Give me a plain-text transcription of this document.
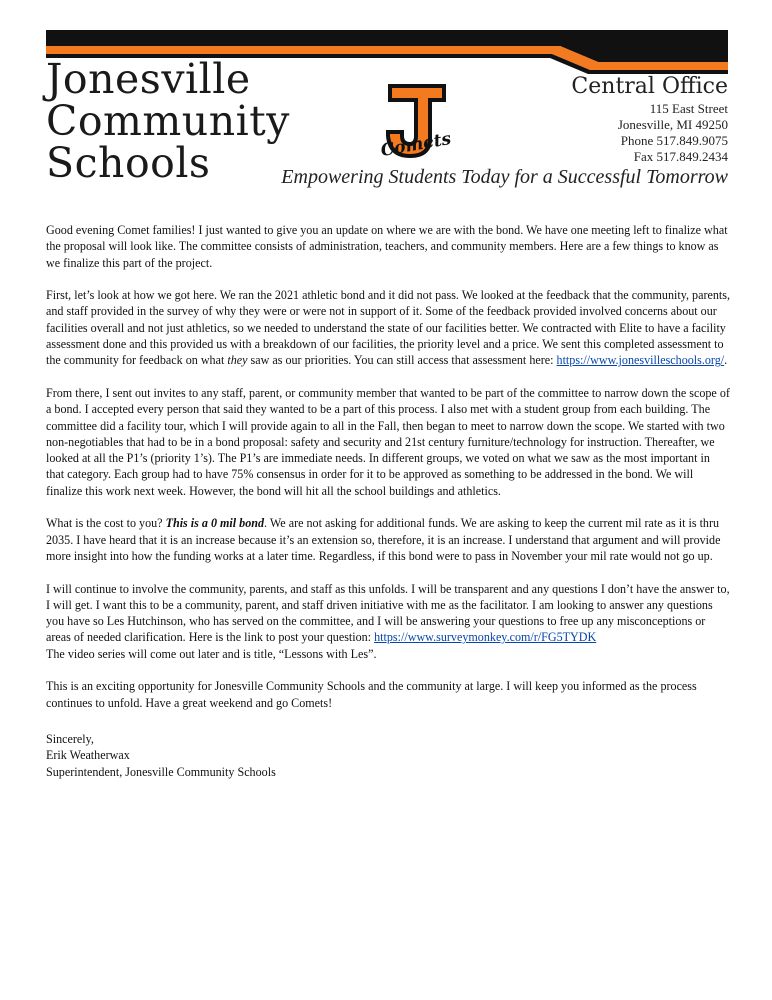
Jonesville
Community
Schools	Comets
Central Office
115 East Street
Jonesville, MI 49250
Phone 517.849.9075
Fax 517.849.2434
Empowering Students Today for a Successful Tomorrow

Good evening Comet families! I just wanted to give you an update on where we are with the bond. We have one meeting left to finalize what the proposal will look like. The committee consists of administration, teachers, and community members. Here are a few things to know as we finalize this part of the project.

First, let’s look at how we got here. We ran the 2021 athletic bond and it did not pass. We looked at the feedback that the community, parents, and staff provided in the survey of why they were or were not in support of it. Some of the feedback provided involved concerns about our facilities overall and not just athletics, so we needed to understand the state of our facilities better. We contracted with Elite to have a facility assessment done and this provided us with a breakdown of our facilities, the priority level and a price. We sent this completed assessment to the community for feedback on what they saw as our priorities. You can still access that assessment here: https://www.jonesvilleschools.org/.

From there, I sent out invites to any staff, parent, or community member that wanted to be part of the committee to narrow down the scope of a bond. I accepted every person that said they wanted to be a part of this process. I also met with a student group from each building. The committee did a facility tour, which I will provide again to all in the Fall, then began to meet to narrow down the scope. We started with two non-negotiables that had to be in a bond proposal: safety and security and 21st century furniture/technology for instruction. Thereafter, we looked at all the P1’s (priority 1’s). The P1’s are immediate needs. In different groups, we voted on what we saw as the most important in that category. Each group had to have 75% consensus in order for it to be approved as something to be addressed in the bond. We will finalize this work next week. However, the bond will hit all the school buildings and athletics.

What is the cost to you? This is a 0 mil bond. We are not asking for additional funds. We are asking to keep the current mil rate as it is thru 2035. I have heard that it is an increase because it’s an extension so, therefore, it is an increase. I understand that argument and will provide more insight into how the funding works at a later time. Regardless, if this bond were to pass in November your mil rate would not go up.

I will continue to involve the community, parents, and staff as this unfolds. I will be transparent and any questions I don’t have the answer to, I will get. I want this to be a community, parent, and staff driven initiative with me as the facilitator. I am looking to answer any questions you have so Les Hutchinson, who has served on the committee, and I will be answering your questions to free up any misconceptions or areas of needed clarification. Here is the link to post your question: https://www.surveymonkey.com/r/FG5TYDK
The video series will come out later and is title, “Lessons with Les”.

This is an exciting opportunity for Jonesville Community Schools and the community at large. I will keep you informed as the process continues to unfold. Have a great weekend and go Comets!

Sincerely,
Erik Weatherwax
Superintendent, Jonesville Community Schools
